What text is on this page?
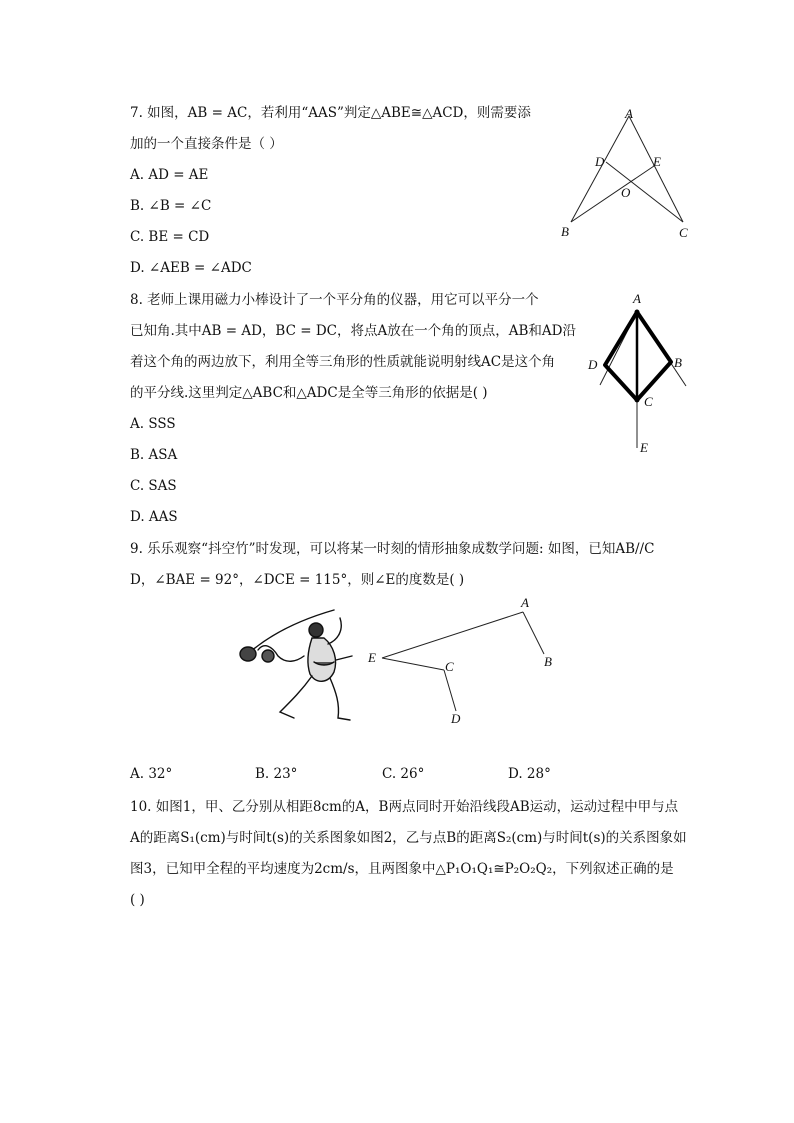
7. 如图，AB = AC，若利用“AAS”判定△ABE≅△ACD，则需要添
加的一个直接条件是（ ）
A. AD = AE
B. ∠B = ∠C
C. BE = CD
D. ∠AEB = ∠ADC
A
D	E
O
B	C
8. 老师上课用磁力小棒设计了一个平分角的仪器，用它可以平分一个
已知角.其中AB = AD，BC = DC，将点A放在一个角的顶点，AB和AD沿
着这个角的两边放下，利用全等三角形的性质就能说明射线AC是这个角
的平分线.这里判定△ABC和△ADC是全等三角形的依据是( )
A. SSS
B. ASA
C. SAS
D. AAS
A
D	B
C
E
9. 乐乐观察“抖空竹”时发现，可以将某一时刻的情形抽象成数学问题: 如图，已知AB//C
D，∠BAE = 92°，∠DCE = 115°，则∠E的度数是( )
A
B
E
C
D
A. 32°	B. 23°	C. 26°	D. 28°
10. 如图1，甲、乙分别从相距8cm的A，B两点同时开始沿线段AB运动，运动过程中甲与点
A的距离S₁(cm)与时间t(s)的关系图象如图2，乙与点B的距离S₂(cm)与时间t(s)的关系图象如
图3，已知甲全程的平均速度为2cm/s，且两图象中△P₁O₁Q₁≅P₂O₂Q₂，下列叙述正确的是
( )
